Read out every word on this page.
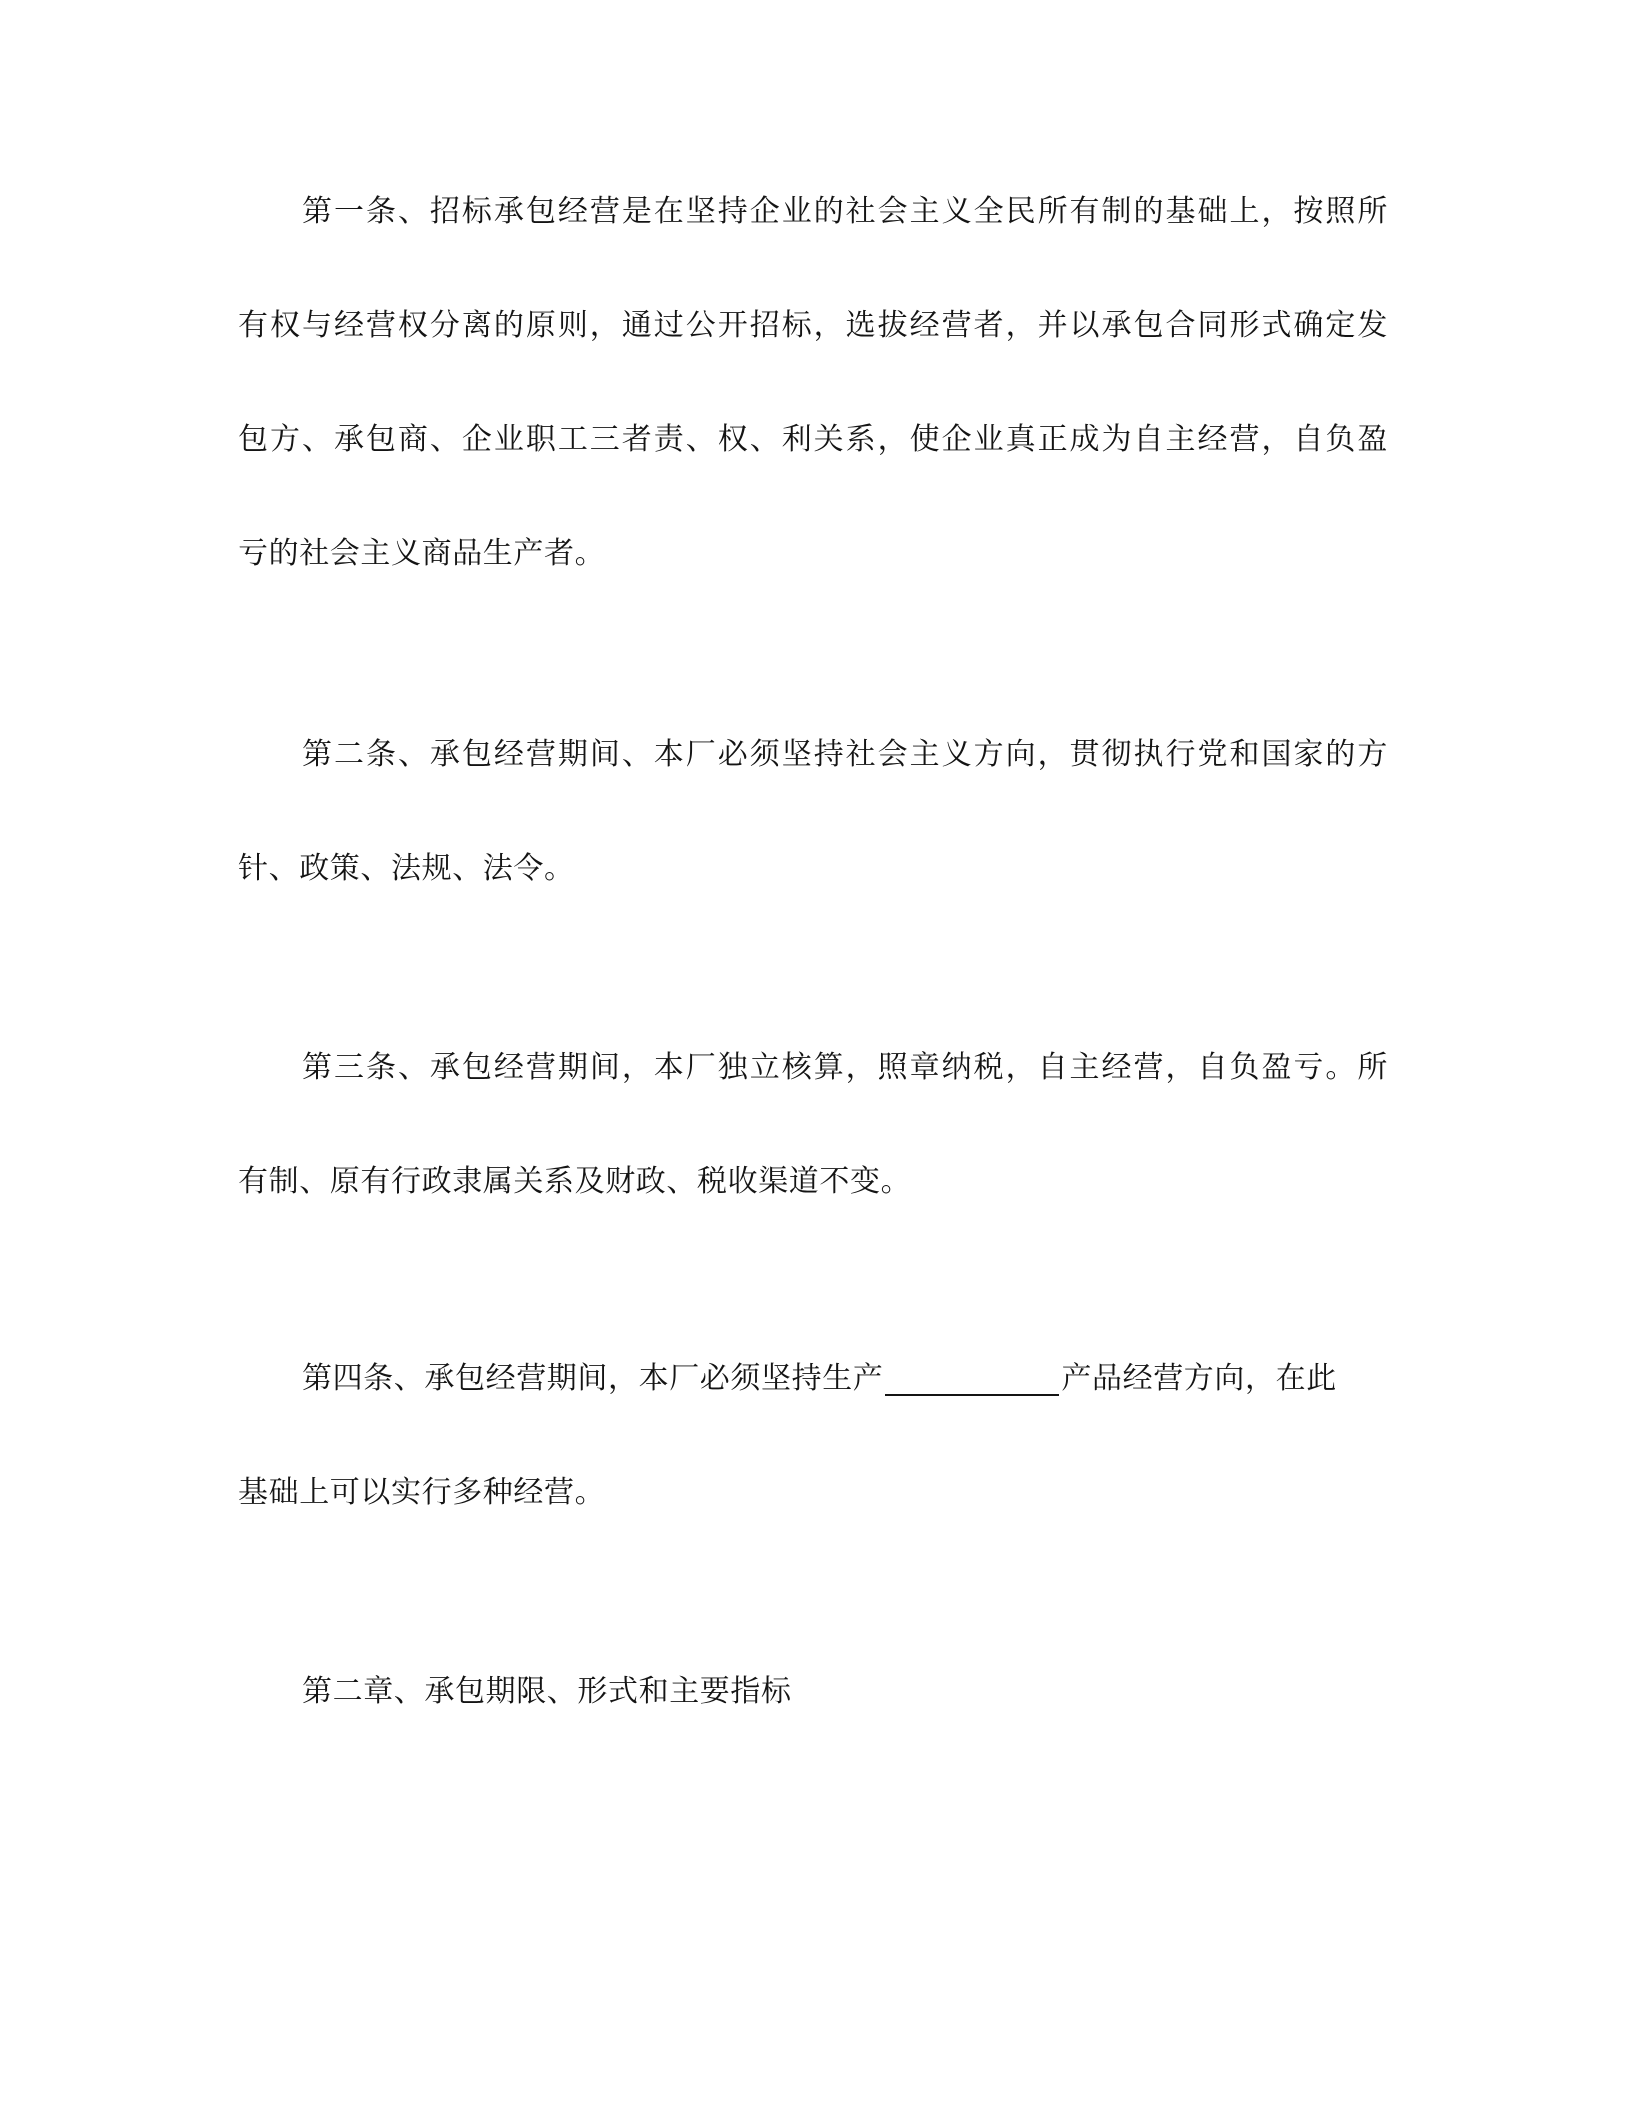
第一条、招标承包经营是在坚持企业的社会主义全民所有制的基础上，按照所
有权与经营权分离的原则，通过公开招标，选拔经营者，并以承包合同形式确定发
包方、承包商、企业职工三者责、权、利关系，使企业真正成为自主经营，自负盈
亏的社会主义商品生产者。
第二条、承包经营期间、本厂必须坚持社会主义方向，贯彻执行党和国家的方
针、政策、法规、法令。
第三条、承包经营期间，本厂独立核算，照章纳税，自主经营，自负盈亏。所
有制、原有行政隶属关系及财政、税收渠道不变。
第四条、承包经营期间，本厂必须坚持生产	产品经营方向，在此
基础上可以实行多种经营。
第二章、承包期限、形式和主要指标
